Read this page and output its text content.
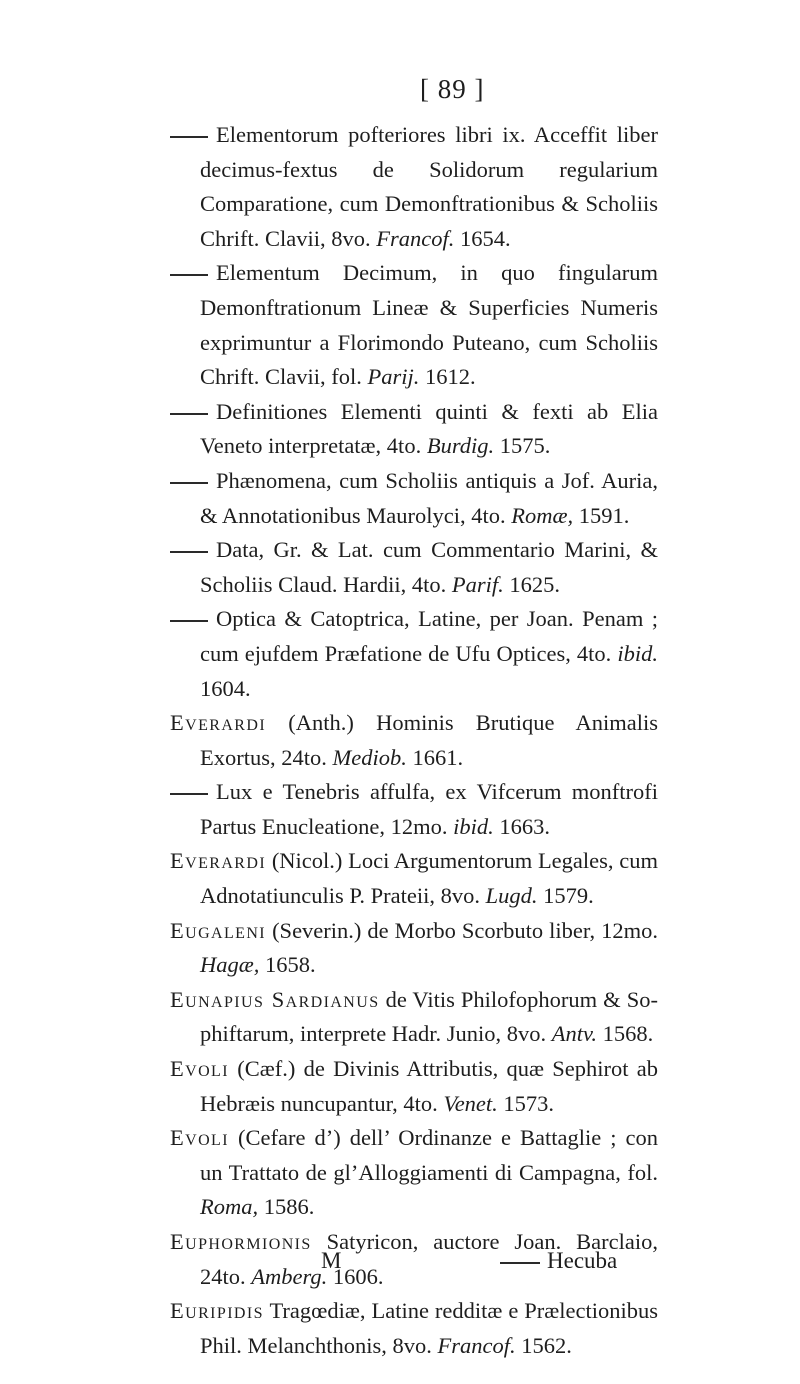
[ 89 ]
Elementorum pofteriores libri ix. Acceffit liber decimus-fextus de Solidorum regularium Comparatione, cum Demonftrationibus & Scholiis Chrift. Clavii, 8vo. Francof. 1654.
Elementum Decimum, in quo fingularum Demonftrationum Lineæ & Superficies Numeris exprimuntur a Florimondo Puteano, cum Scholiis Chrift. Clavii, fol. Parij. 1612.
Definitiones Elementi quinti & fexti ab Elia Veneto interpretatæ, 4to. Burdig. 1575.
Phænomena, cum Scholiis antiquis a Jof. Auria, & Annotationibus Maurolyci, 4to. Romæ, 1591.
Data, Gr. & Lat. cum Commentario Marini, & Scholiis Claud. Hardii, 4to. Parif. 1625.
Optica & Catoptrica, Latine, per Joan. Penam ; cum ejufdem Præfatione de Ufu Optices, 4to. ibid. 1604.
Everardi (Anth.) Hominis Brutique Animalis Exortus, 24to. Mediob. 1661.
Lux e Tenebris affulfa, ex Vifcerum monftrofi Partus Enucleatione, 12mo. ibid. 1663.
Everardi (Nicol.) Loci Argumentorum Legales, cum Adnotatiunculis P. Prateii, 8vo. Lugd. 1579.
Eugaleni (Severin.) de Morbo Scorbuto liber, 12mo. Hagæ, 1658.
Eunapius Sardianus de Vitis Philofophorum & Sophiftarum, interprete Hadr. Junio, 8vo. Antv. 1568.
Evoli (Cæf.) de Divinis Attributis, quæ Sephirot ab Hebræis nuncupantur, 4to. Venet. 1573.
Evoli (Cefare d’) dell’ Ordinanze e Battaglie ; con un Trattato de gl’Alloggiamenti di Campagna, fol. Roma, 1586.
Euphormionis Satyricon, auctore Joan. Barclaio, 24to. Amberg. 1606.
Euripidis Tragœdiæ, Latine redditæ e Prælectionibus Phil. Melanchthonis, 8vo. Francof. 1562.
M	Hecuba
